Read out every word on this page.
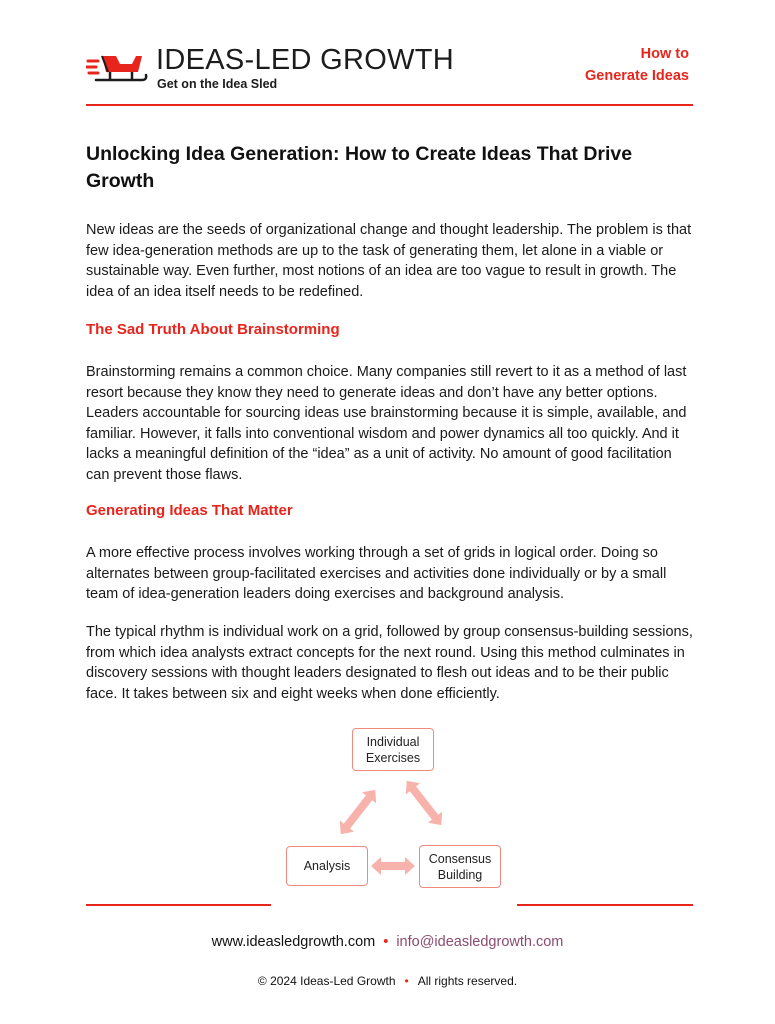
IDEAS-LED GROWTH
Get on the Idea Sled
How to
Generate Ideas
Unlocking Idea Generation: How to Create Ideas That Drive Growth

New ideas are the seeds of organizational change and thought leadership. The problem is that few idea-generation methods are up to the task of generating them, let alone in a viable or sustainable way. Even further, most notions of an idea are too vague to result in growth. The idea of an idea itself needs to be redefined.

The Sad Truth About Brainstorming

Brainstorming remains a common choice. Many companies still revert to it as a method of last resort because they know they need to generate ideas and don’t have any better options. Leaders accountable for sourcing ideas use brainstorming because it is simple, available, and familiar. However, it falls into conventional wisdom and power dynamics all too quickly. And it lacks a meaningful definition of the “idea” as a unit of activity. No amount of good facilitation can prevent those flaws.

Generating Ideas That Matter

A more effective process involves working through a set of grids in logical order. Doing so alternates between group-facilitated exercises and activities done individually or by a small team of idea-generation leaders doing exercises and background analysis.

The typical rhythm is individual work on a grid, followed by group consensus-building sessions, from which idea analysts extract concepts for the next round. Using this method culminates in discovery sessions with thought leaders designated to flesh out ideas and to be their public face. It takes between six and eight weeks when done efficiently.

Individual
Exercises
Analysis
Consensus
Building
www.ideasledgrowth.com • info@ideasledgrowth.com
© 2024 Ideas-Led Growth • All rights reserved.
